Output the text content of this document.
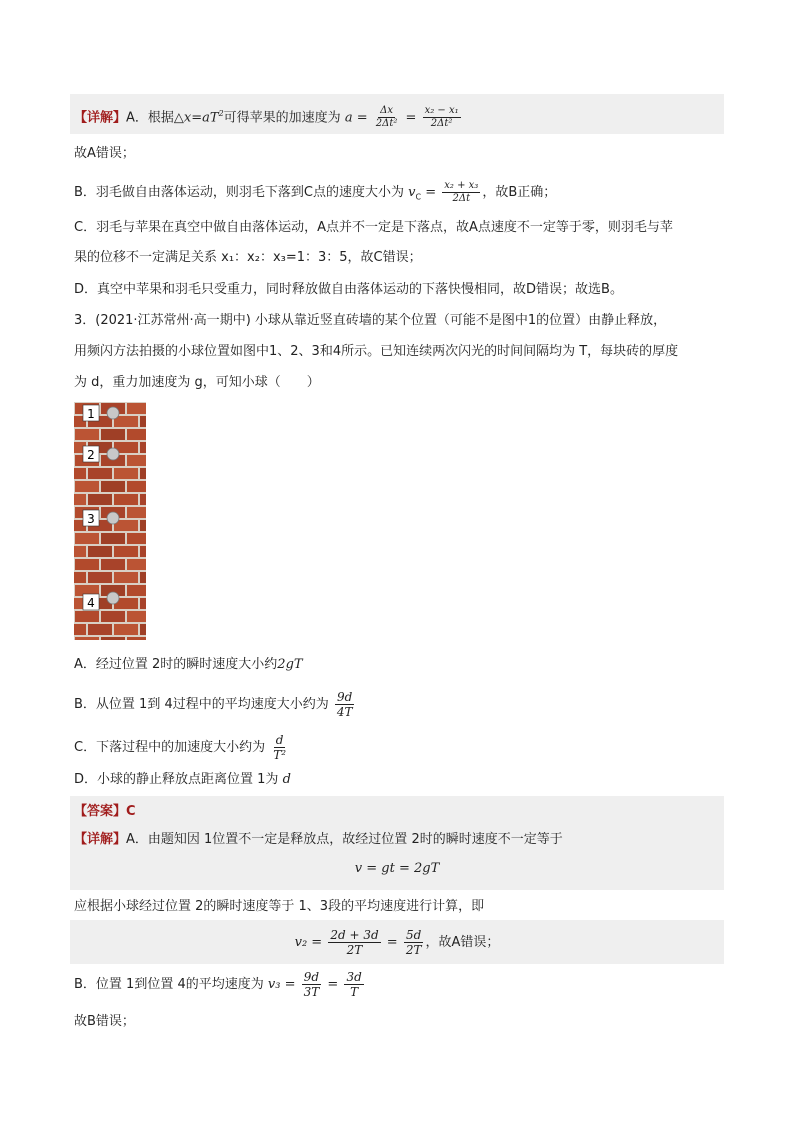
【详解】A．根据$\triangle x=aT^2$可得苹果的加速度为 $a = \frac{\Delta x}{\text{2Δt²}} = \frac{\text{x₂ − x₁}}{\text{2Δt²}}$
故A错误；
B．羽毛做自由落体运动，则羽毛下落到C点的速度大小为 $v_C = \frac{\text{x₂ + x₃}}{2\Delta t}$ ，故B正确；
C．羽毛与苹果在真空中做自由落体运动，A点并不一定是下落点，故A点速度不一定等于零，则羽毛与苹
果的位移不一定满足关系 x₁：x₂：x₃=1：3：5，故C错误；
D．真空中苹果和羽毛只受重力，同时释放做自由落体运动的下落快慢相同，故D错误；故选B。
3．(2021·江苏常州·高一期中) 小球从靠近竖直砖墙的某个位置（可能不是图中1的位置）由静止释放，
用频闪方法拍摄的小球位置如图中1、2、3和4所示。已知连续两次闪光的时间间隔均为 T，每块砖的厚度
为 d，重力加速度为 g，可知小球（　　）
1
2
3
4
A．经过位置 2时的瞬时速度大小约2gT
B．从位置 1到 4过程中的平均速度大小约为 $\frac{9d}{4T}$
C．下落过程中的加速度大小约为 $\frac{d}{\text{T²}}$
D．小球的静止释放点距离位置 1为 d
【答案】C
【详解】A．由题知因 1位置不一定是释放点，故经过位置 2时的瞬时速度不一定等于
v = gt = 2gT
应根据小球经过位置 2的瞬时速度等于 1、3段的平均速度进行计算，即
$v_2 = \frac{2d + 3d}{2T} = \frac{5d}{2T}$ ，故A错误；
B．位置 1到位置 4的平均速度为 $v_3 = \frac{9d}{3T} = \frac{3d}{T}$
故B错误；
